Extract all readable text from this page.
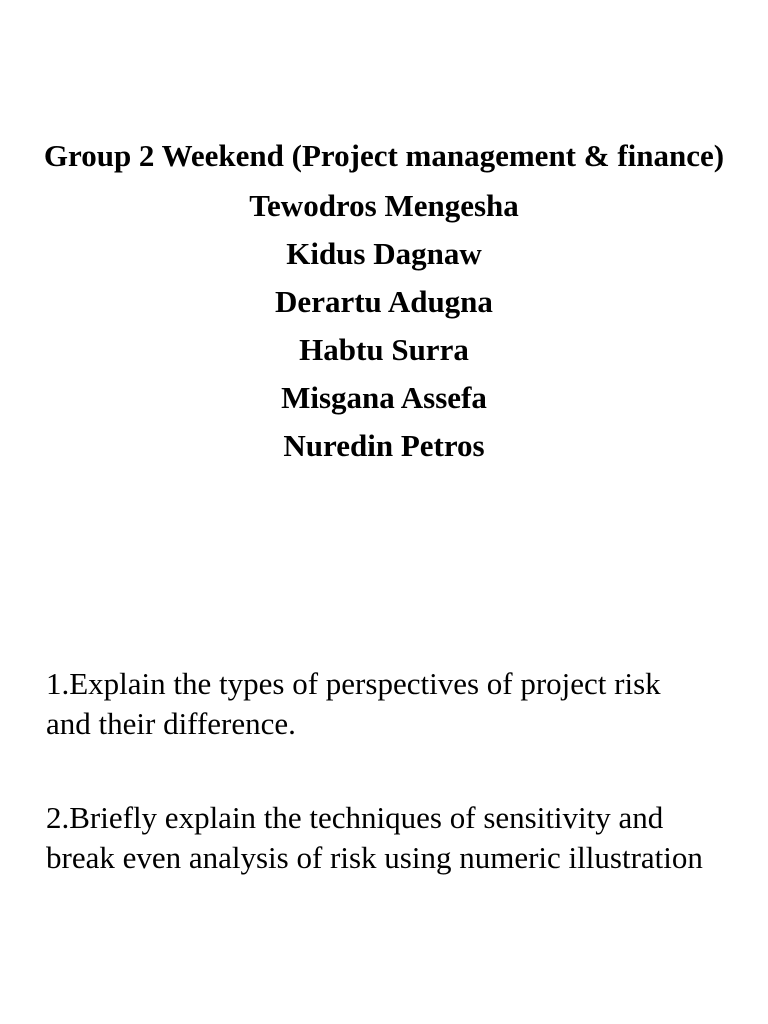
Group 2 Weekend (Project management & finance)
Tewodros Mengesha
Kidus Dagnaw
Derartu Adugna
Habtu Surra
Misgana Assefa
Nuredin Petros

1.Explain the types of perspectives of project risk and their difference.

2.Briefly explain the techniques of sensitivity and break even analysis of risk using numeric illustration
